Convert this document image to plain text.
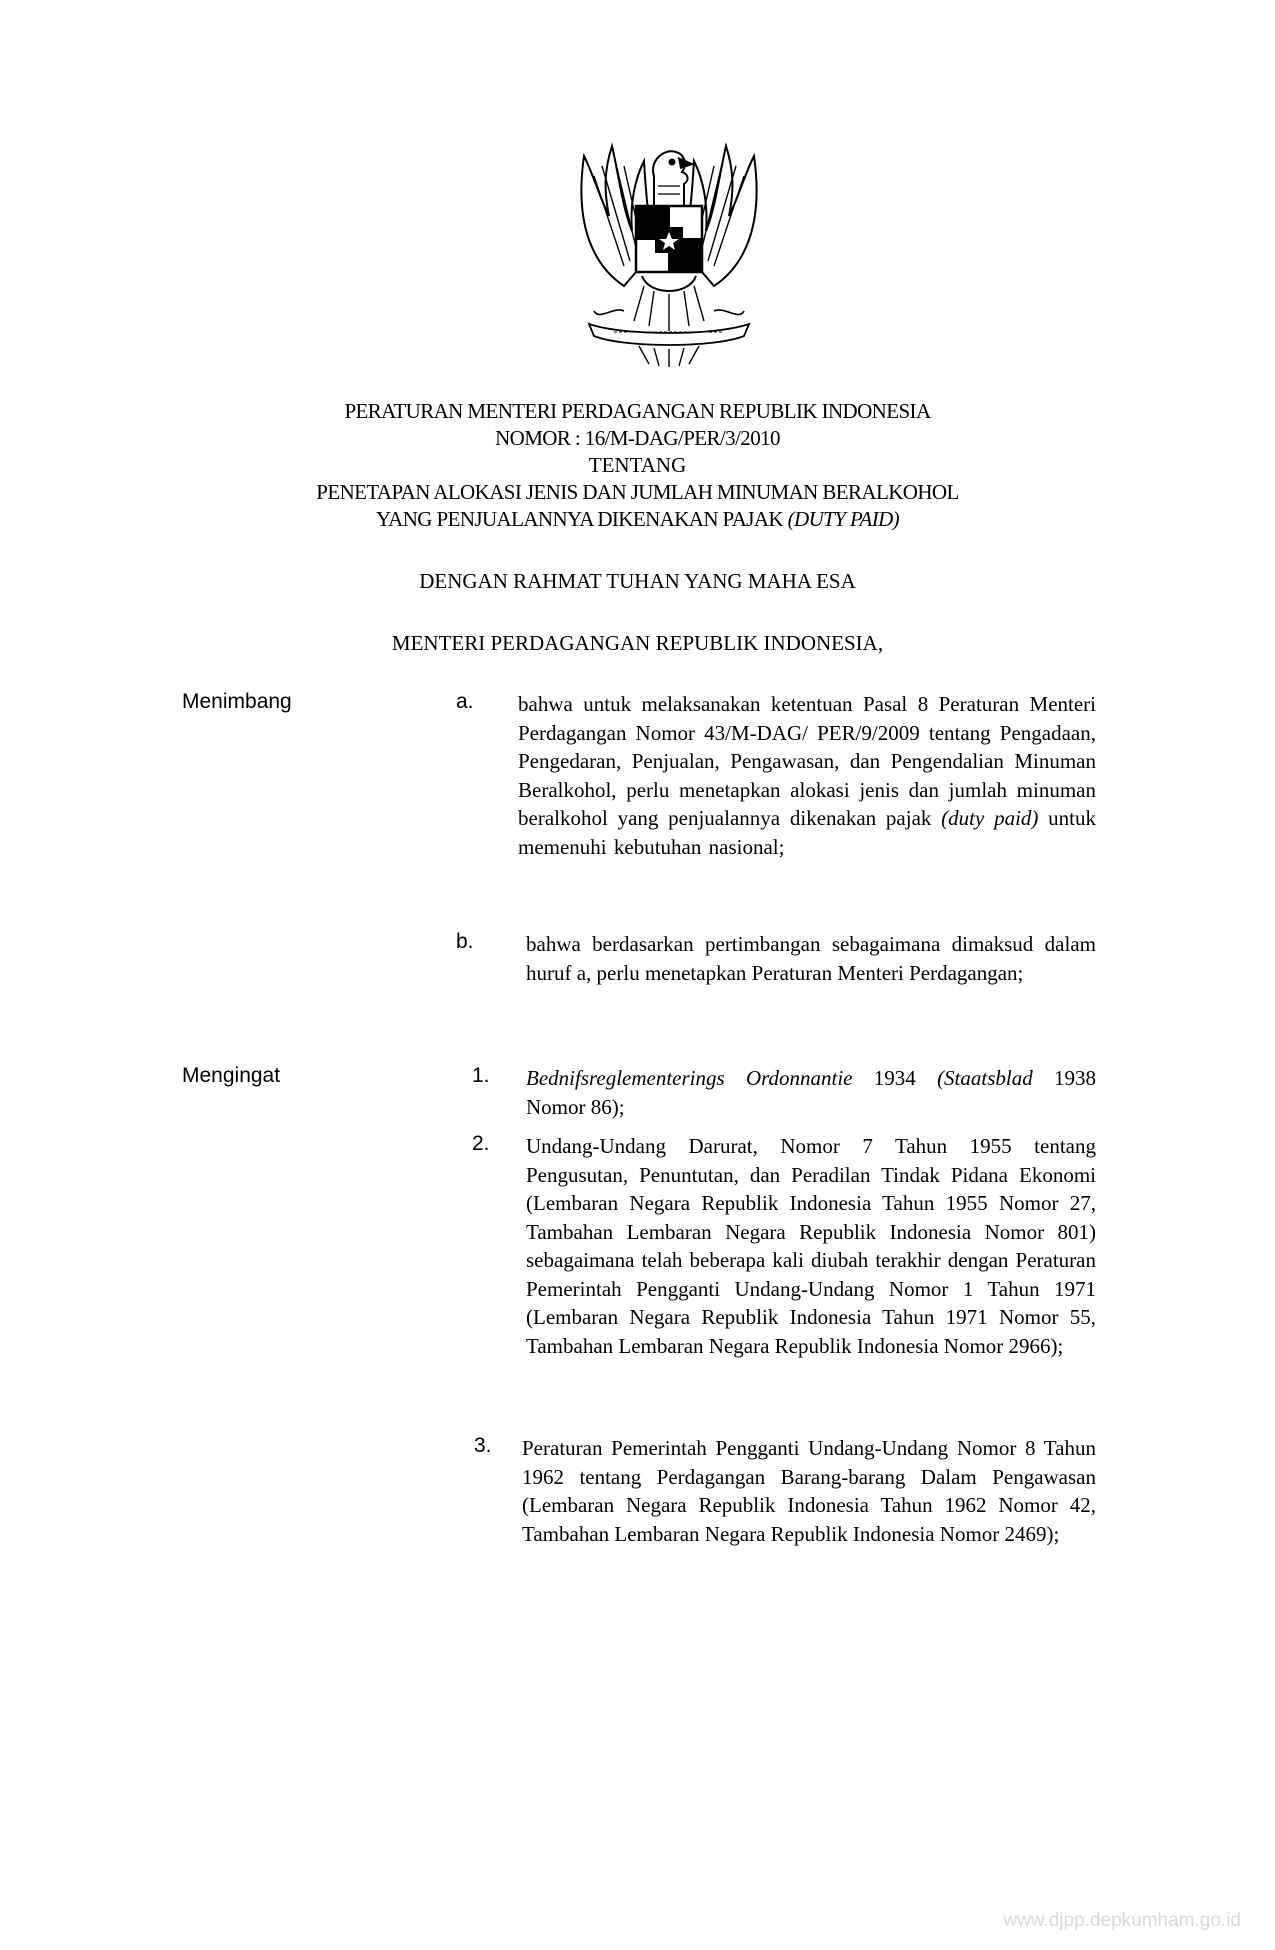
PERATURAN MENTERI PERDAGANGAN REPUBLIK INDONESIA
NOMOR : 16/M-DAG/PER/3/2010
TENTANG
PENETAPAN ALOKASI JENIS DAN JUMLAH MINUMAN BERALKOHOL
YANG PENJUALANNYA DIKENAKAN PAJAK (DUTY PAID)
DENGAN RAHMAT TUHAN YANG MAHA ESA
MENTERI PERDAGANGAN REPUBLIK INDONESIA,
Menimbang	a. bahwa untuk melaksanakan ketentuan Pasal 8 Peraturan Menteri Perdagangan Nomor 43/M-DAG/ PER/9/2009 tentang Pengadaan, Pengedaran, Penjualan, Pengawasan, dan Pengendalian Minuman Beralkohol, perlu menetapkan alokasi jenis dan jumlah minuman beralkohol yang penjualannya dikenakan pajak (duty paid) untuk memenuhi kebutuhan nasional;
b. bahwa berdasarkan pertimbangan sebagaimana dimaksud dalam huruf a, perlu menetapkan Peraturan Menteri Perdagangan;
Mengingat	1. Bednifsreglementerings Ordonnantie 1934 (Staatsblad 1938 Nomor 86);
2. Undang-Undang Darurat, Nomor 7 Tahun 1955 tentang Pengusutan, Penuntutan, dan Peradilan Tindak Pidana Ekonomi (Lembaran Negara Republik Indonesia Tahun 1955 Nomor 27, Tambahan Lembaran Negara Republik Indonesia Nomor 801) sebagaimana telah beberapa kali diubah terakhir dengan Peraturan Pemerintah Pengganti Undang-Undang Nomor 1 Tahun 1971 (Lembaran Negara Republik Indonesia Tahun 1971 Nomor 55, Tambahan Lembaran Negara Republik Indonesia Nomor 2966);
3. Peraturan Pemerintah Pengganti Undang-Undang Nomor 8 Tahun 1962 tentang Perdagangan Barang-barang Dalam Pengawasan (Lembaran Negara Republik Indonesia Tahun 1962 Nomor 42, Tambahan Lembaran Negara Republik Indonesia Nomor 2469);
www.djpp.depkumham.go.id
